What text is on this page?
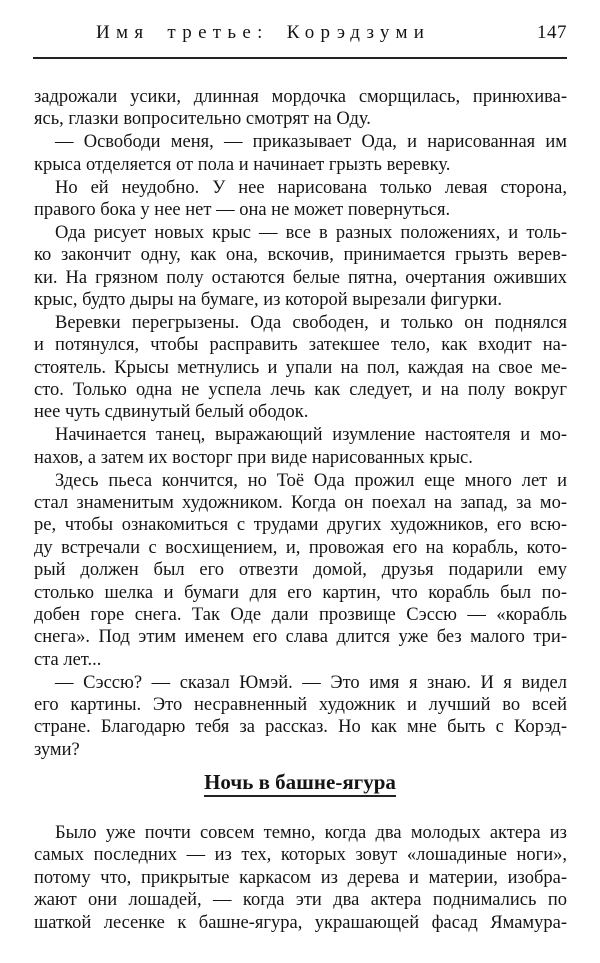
Имя третье: Корэдзуми	147
задрожали усики, длинная мордочка сморщилась, принюхива-
ясь, глазки вопросительно смотрят на Оду.
— Освободи меня, — приказывает Ода, и нарисованная им
крыса отделяется от пола и начинает грызть веревку.
Но ей неудобно. У нее нарисована только левая сторона,
правого бока у нее нет — она не может повернуться.
Ода рисует новых крыс — все в разных положениях, и толь-
ко закончит одну, как она, вскочив, принимается грызть верев-
ки. На грязном полу остаются белые пятна, очертания оживших
крыс, будто дыры на бумаге, из которой вырезали фигурки.
Веревки перегрызены. Ода свободен, и только он поднялся
и потянулся, чтобы расправить затекшее тело, как входит на-
стоятель. Крысы метнулись и упали на пол, каждая на свое ме-
сто. Только одна не успела лечь как следует, и на полу вокруг
нее чуть сдвинутый белый ободок.
Начинается танец, выражающий изумление настоятеля и мо-
нахов, а затем их восторг при виде нарисованных крыс.
Здесь пьеса кончится, но Тоё Ода прожил еще много лет и
стал знаменитым художником. Когда он поехал на запад, за мо-
ре, чтобы ознакомиться с трудами других художников, его всю-
ду встречали с восхищением, и, провожая его на корабль, кото-
рый должен был его отвезти домой, друзья подарили ему
столько шелка и бумаги для его картин, что корабль был по-
добен горе снега. Так Оде дали прозвище Сэссю — «корабль
снега». Под этим именем его слава длится уже без малого три-
ста лет...
— Сэссю? — сказал Юмэй. — Это имя я знаю. И я видел
его картины. Это несравненный художник и лучший во всей
стране. Благодарю тебя за рассказ. Но как мне быть с Корэд-
зуми?
Ночь в башне-ягура
Было уже почти совсем темно, когда два молодых актера из
самых последних — из тех, которых зовут «лошадиные ноги»,
потому что, прикрытые каркасом из дерева и материи, изобра-
жают они лошадей, — когда эти два актера поднимались по
шаткой лесенке к башне-ягура, украшающей фасад Ямамура-
